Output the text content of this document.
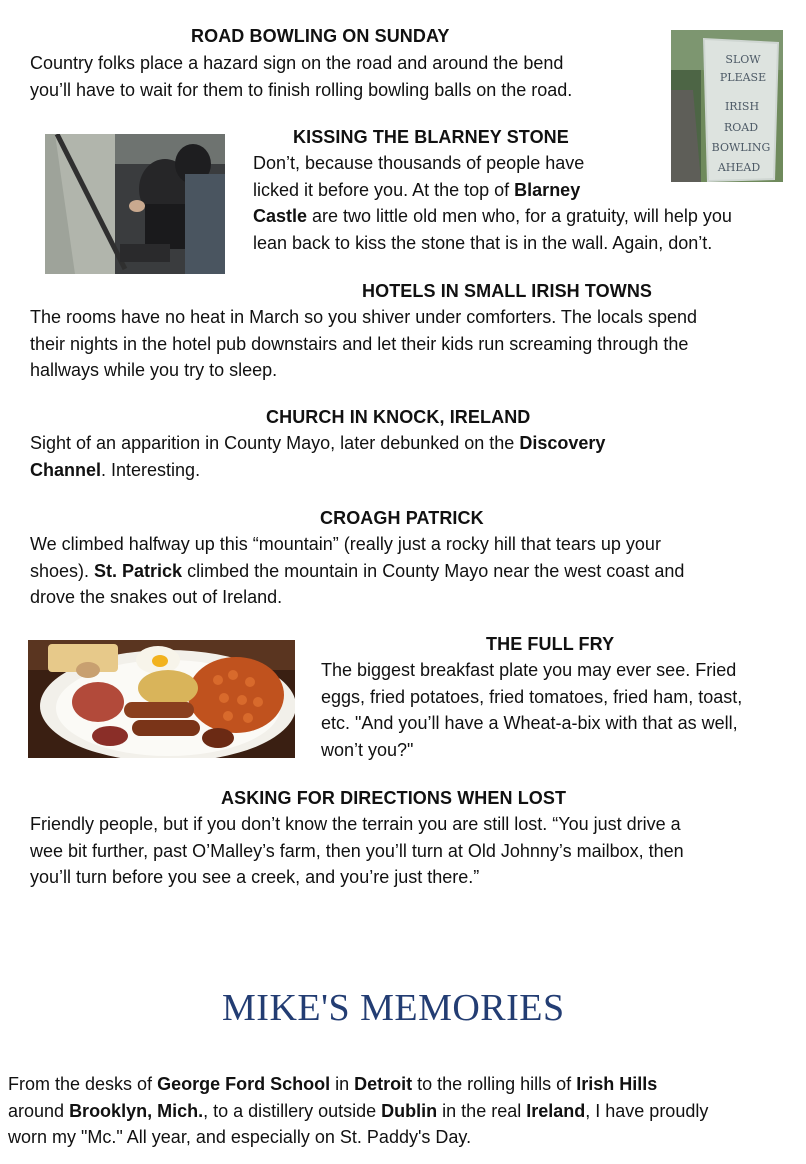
ROAD BOWLING ON SUNDAY

Country folks place a hazard sign on the road and around the bend
you’ll have to wait for them to finish rolling bowling balls on the road.

SLOW
PLEASE
IRISH
ROAD
BOWLING
AHEAD
KISSING THE BLARNEY STONE

Don’t, because thousands of people have
licked it before you. At the top of Blarney
Castle are two little old men who, for a gratuity, will help you
lean back to kiss the stone that is in the wall. Again, don’t.

HOTELS IN SMALL IRISH TOWNS

The rooms have no heat in March so you shiver under comforters. The locals spend
their nights in the hotel pub downstairs and let their kids run screaming through the
hallways while you try to sleep.

CHURCH IN KNOCK, IRELAND

Sight of an apparition in County Mayo, later debunked on the Discovery
Channel. Interesting.

CROAGH PATRICK

We climbed halfway up this “mountain” (really just a rocky hill that tears up your
shoes). St. Patrick climbed the mountain in County Mayo near the west coast and
drove the snakes out of Ireland.

THE FULL FRY

The biggest breakfast plate you may ever see. Fried
eggs, fried potatoes, fried tomatoes, fried ham, toast,
etc. "And you’ll have a Wheat-a-bix with that as well,
won’t you?"

ASKING FOR DIRECTIONS WHEN LOST

Friendly people, but if you don’t know the terrain you are still lost. “You just drive a
wee bit further, past O’Malley’s farm, then you’ll turn at Old Johnny’s mailbox, then
you’ll turn before you see a creek, and you’re just there.”

MIKE'S MEMORIES

From the desks of George Ford School in Detroit to the rolling hills of Irish Hills
around Brooklyn, Mich., to a distillery outside Dublin in the real Ireland, I have proudly
worn my "Mc." All year, and especially on St. Paddy's Day.
